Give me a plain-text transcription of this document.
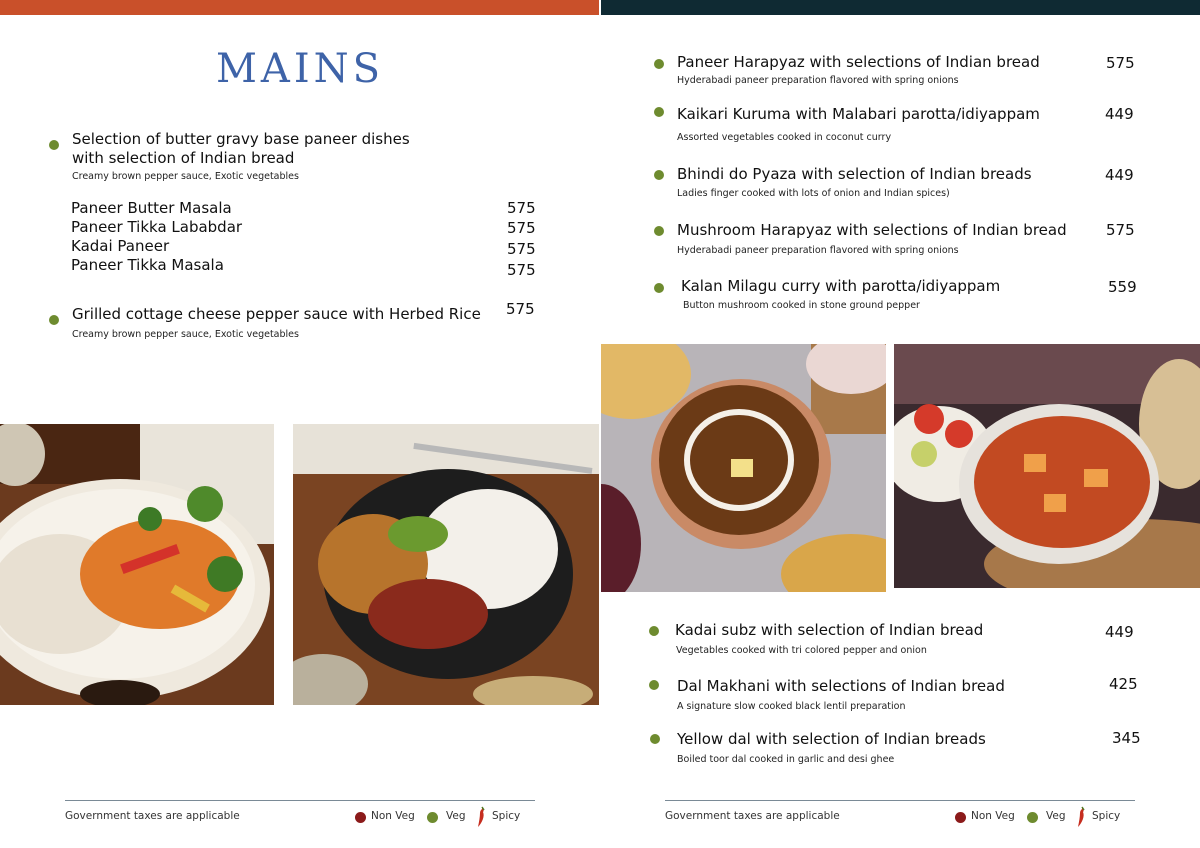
MAINS
Selection of butter gravy base paneer dishes
with selection of Indian bread
Creamy brown pepper sauce, Exotic vegetables
Paneer Butter Masala	575
Paneer Tikka Lababdar	575
Kadai Paneer	575
Paneer Tikka Masala	575
Grilled cottage cheese pepper sauce with Herbed Rice 575
Creamy brown pepper sauce, Exotic vegetables
Government taxes are applicable	Non Veg	Veg	Spicy
Paneer Harapyaz with selections of Indian bread
Hyderabadi paneer preparation flavored with spring onions
575
Kaikari Kuruma with Malabari parotta/idiyappam
Assorted vegetables cooked in coconut curry
449
Bhindi do Pyaza with selection of Indian breads
Ladies finger cooked with lots of onion and Indian spices)
449
Mushroom Harapyaz with selections of Indian bread
Hyderabadi paneer preparation flavored with spring onions
575
Kalan Milagu curry with parotta/idiyappam
Button mushroom cooked in stone ground pepper
559
Kadai subz with selection of Indian bread
Vegetables cooked with tri colored pepper and onion
449
Dal Makhani with selections of Indian bread
A signature slow cooked black lentil preparation
425
Yellow dal with selection of Indian breads
Boiled toor dal cooked in garlic and desi ghee
345
Government taxes are applicable	Non Veg	Veg	Spicy
